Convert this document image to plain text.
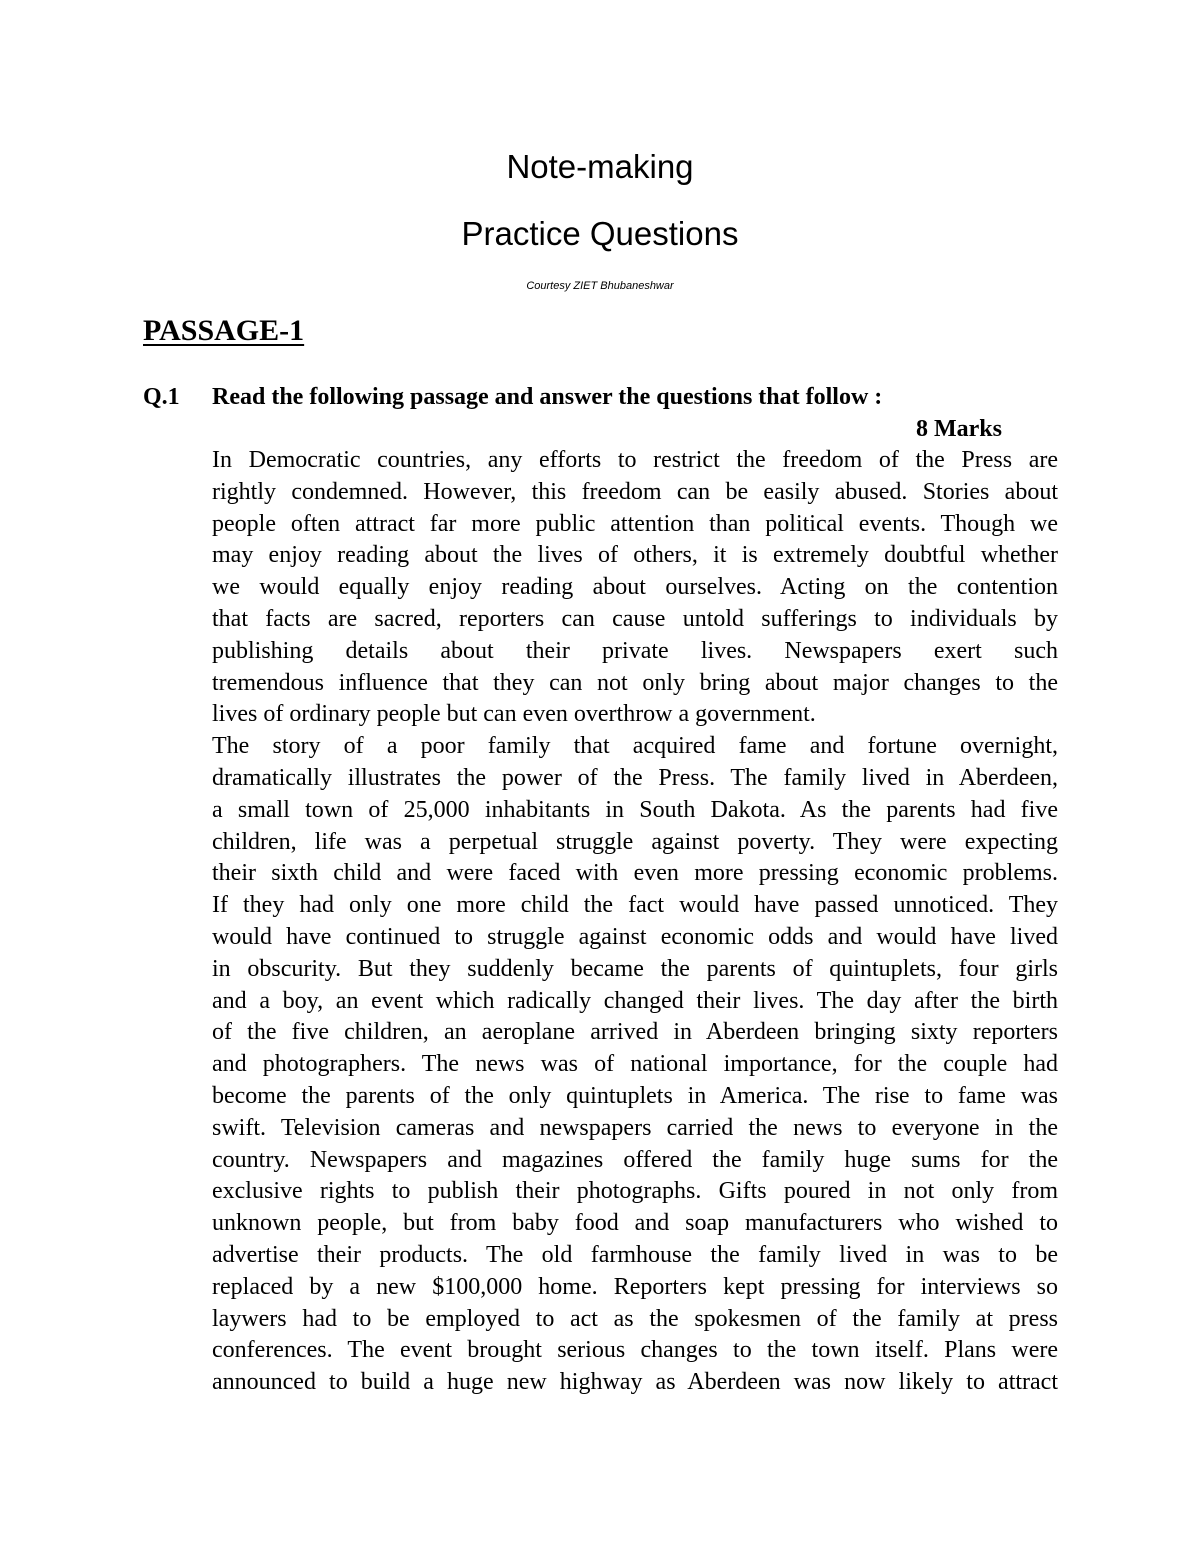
Note-making
Practice Questions
Courtesy ZIET Bhubaneshwar
PASSAGE-1
Q.1 Read the following passage and answer the questions that follow :
8 Marks
In Democratic countries, any efforts to restrict the freedom of the Press are
rightly condemned. However, this freedom can be easily abused. Stories about
people often attract far more public attention than political events. Though we
may enjoy reading about the lives of others, it is extremely doubtful whether
we would equally enjoy reading about ourselves. Acting on the contention
that facts are sacred, reporters can cause untold sufferings to individuals by
publishing details about their private lives. Newspapers exert such
tremendous influence that they can not only bring about major changes to the
lives of ordinary people but can even overthrow a government.
The story of a poor family that acquired fame and fortune overnight,
dramatically illustrates the power of the Press. The family lived in Aberdeen,
a small town of 25,000 inhabitants in South Dakota. As the parents had five
children, life was a perpetual struggle against poverty. They were expecting
their sixth child and were faced with even more pressing economic problems.
If they had only one more child the fact would have passed unnoticed. They
would have continued to struggle against economic odds and would have lived
in obscurity. But they suddenly became the parents of quintuplets, four girls
and a boy, an event which radically changed their lives. The day after the birth
of the five children, an aeroplane arrived in Aberdeen bringing sixty reporters
and photographers. The news was of national importance, for the couple had
become the parents of the only quintuplets in America. The rise to fame was
swift. Television cameras and newspapers carried the news to everyone in the
country. Newspapers and magazines offered the family huge sums for the
exclusive rights to publish their photographs. Gifts poured in not only from
unknown people, but from baby food and soap manufacturers who wished to
advertise their products. The old farmhouse the family lived in was to be
replaced by a new $100,000 home. Reporters kept pressing for interviews so
laywers had to be employed to act as the spokesmen of the family at press
conferences. The event brought serious changes to the town itself. Plans were
announced to build a huge new highway as Aberdeen was now likely to attract
